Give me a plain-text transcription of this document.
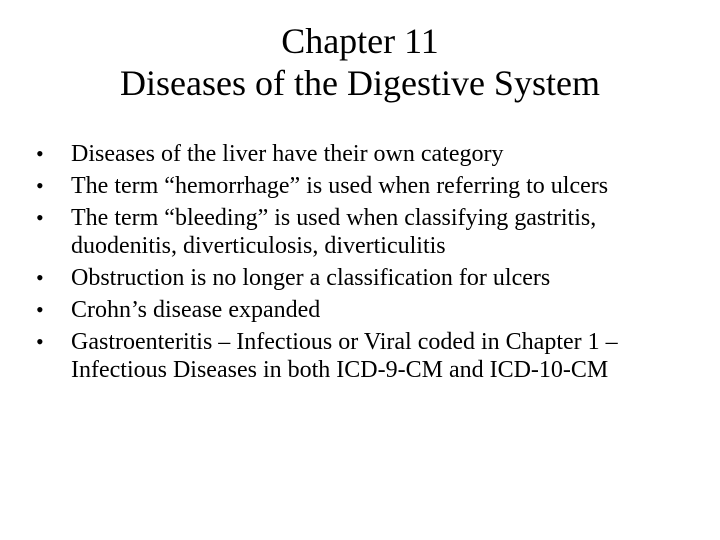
Chapter 11
Diseases of the Digestive System
•	Diseases of the liver have their own category
•	The term “hemorrhage” is used when referring to ulcers
•	The term “bleeding” is used when classifying gastritis, duodenitis, diverticulosis, diverticulitis
•	Obstruction is no longer a classification for ulcers
•	Crohn’s disease expanded
•	Gastroenteritis – Infectious or Viral coded in Chapter 1 – Infectious Diseases in both ICD-9-CM and ICD-10-CM
